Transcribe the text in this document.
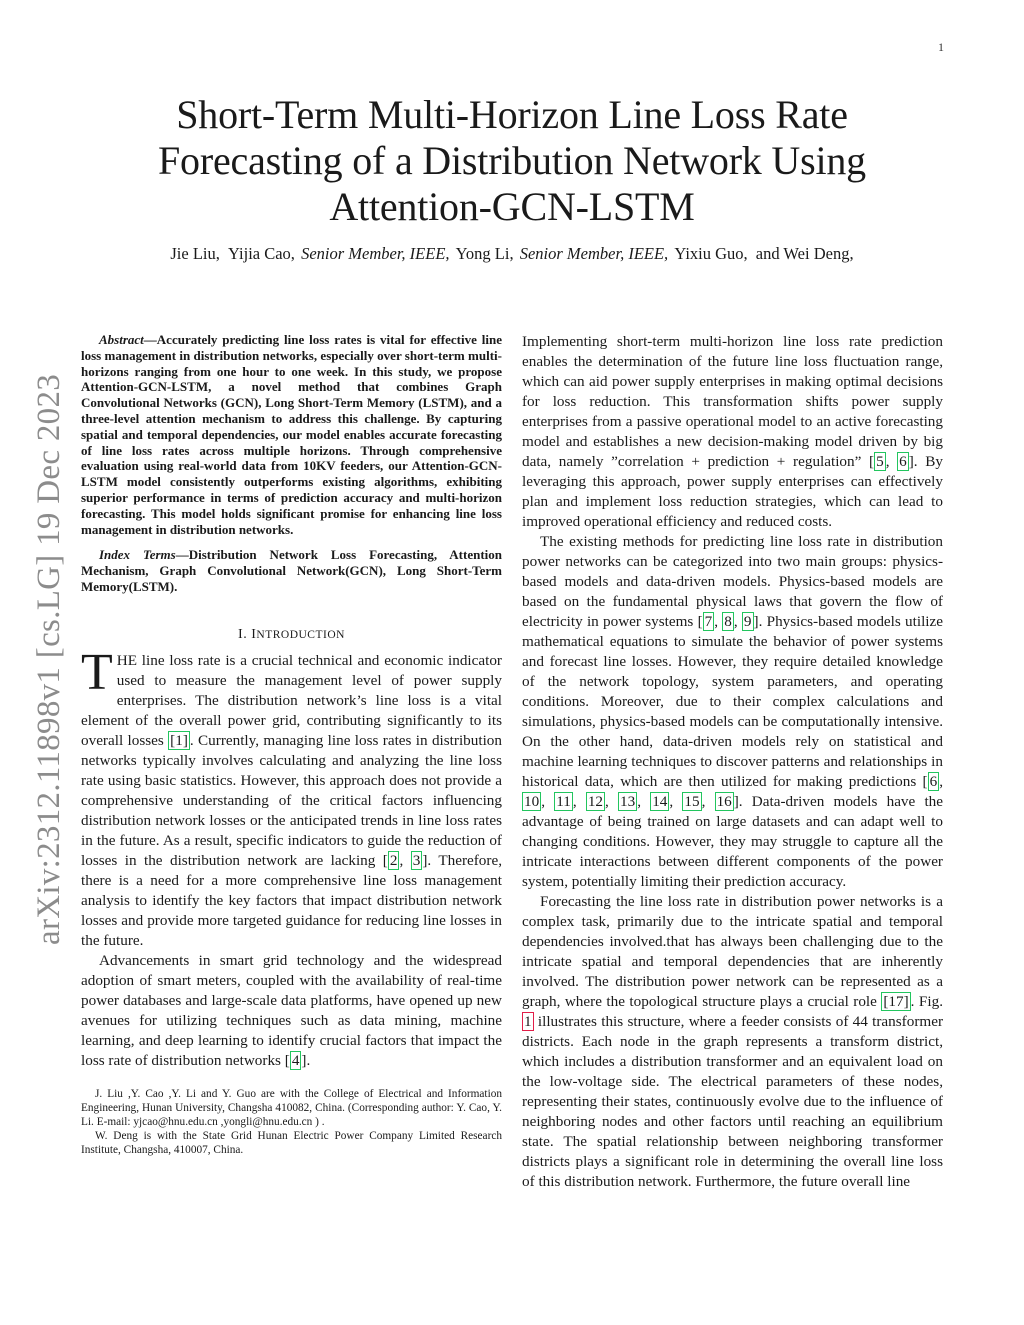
1
Short-Term Multi-Horizon Line Loss Rate
Forecasting of a Distribution Network Using
Attention-GCN-LSTM
Jie Liu, Yijia Cao, Senior Member, IEEE, Yong Li, Senior Member, IEEE, Yixiu Guo, and Wei Deng,
arXiv:2312.11898v1 [cs.LG] 19 Dec 2023

Abstract—Accurately predicting line loss rates is vital for effective line loss management in distribution networks, especially over short-term multi-horizons ranging from one hour to one week. In this study, we propose Attention-GCN-LSTM, a novel method that combines Graph Convolutional Networks (GCN), Long Short-Term Memory (LSTM), and a three-level attention mechanism to address this challenge. By capturing spatial and temporal dependencies, our model enables accurate forecasting of line loss rates across multiple horizons. Through comprehensive evaluation using real-world data from 10KV feeders, our Attention-GCN-LSTM model consistently outperforms existing algorithms, exhibiting superior performance in terms of prediction accuracy and multi-horizon forecasting. This model holds significant promise for enhancing line loss management in distribution networks.

Index Terms—Distribution Network Loss Forecasting, Attention Mechanism, Graph Convolutional Network(GCN), Long Short-Term Memory(LSTM).

I. INTRODUCTION

THE line loss rate is a crucial technical and economic indicator used to measure the management level of power supply enterprises. The distribution network’s line loss is a vital element of the overall power grid, contributing significantly to its overall losses [1] . Currently, managing line loss rates in distribution networks typically involves calculating and analyzing the line loss rate using basic statistics. However, this approach does not provide a comprehensive understanding of the critical factors influencing distribution network losses or the anticipated trends in line loss rates in the future. As a result, specific indicators to guide the reduction of losses in the distribution network are lacking [ 2 , 3 ]. Therefore, there is a need for a more comprehensive line loss management analysis to identify the key factors that impact distribution network losses and provide more targeted guidance for reducing line losses in the future.

Advancements in smart grid technology and the widespread adoption of smart meters, coupled with the availability of real-time power databases and large-scale data platforms, have opened up new avenues for utilizing techniques such as data mining, machine learning, and deep learning to identify crucial factors that impact the loss rate of distribution networks [ 4 ].

J. Liu ,Y. Cao ,Y. Li and Y. Guo are with the College of Electrical and Information Engineering, Hunan University, Changsha 410082, China. (Corresponding author: Y. Cao, Y. Li. E-mail: yjcao@hnu.edu.cn ,yongli@hnu.edu.cn ) .

W. Deng is with the State Grid Hunan Electric Power Company Limited Research Institute, Changsha, 410007, China.

Implementing short-term multi-horizon line loss rate prediction enables the determination of the future line loss fluctuation range, which can aid power supply enterprises in making optimal decisions for loss reduction. This transformation shifts power supply enterprises from a passive operational model to an active forecasting model and establishes a new decision-making model driven by big data, namely ”correlation + prediction + regulation” [ 5 , 6 ]. By leveraging this approach, power supply enterprises can effectively plan and implement loss reduction strategies, which can lead to improved operational efficiency and reduced costs.

The existing methods for predicting line loss rate in distribution power networks can be categorized into two main groups: physics-based models and data-driven models. Physics-based models are based on the fundamental physical laws that govern the flow of electricity in power systems [ 7 , 8 , 9 ]. Physics-based models utilize mathematical equations to simulate the behavior of power systems and forecast line losses. However, they require detailed knowledge of the network topology, system parameters, and operating conditions. Moreover, due to their complex calculations and simulations, physics-based models can be computationally intensive. On the other hand, data-driven models rely on statistical and machine learning techniques to discover patterns and relationships in historical data, which are then utilized for making predictions [ 6 , 10 , 11 , 12 , 13 , 14 , 15 , 16 ]. Data-driven models have the advantage of being trained on large datasets and can adapt well to changing conditions. However, they may struggle to capture all the intricate interactions between different components of the power system, potentially limiting their prediction accuracy.

Forecasting the line loss rate in distribution power networks is a complex task, primarily due to the intricate spatial and temporal dependencies involved.that has always been challenging due to the intricate spatial and temporal dependencies that are inherently involved. The distribution power network can be represented as a graph, where the topological structure plays a crucial role [17] . Fig. 1 illustrates this structure, where a feeder consists of 44 transformer districts. Each node in the graph represents a transform district, which includes a distribution transformer and an equivalent load on the low-voltage side. The electrical parameters of these nodes, representing their states, continuously evolve due to the influence of neighboring nodes and other factors until reaching an equilibrium state. The spatial relationship between neighboring transformer districts plays a significant role in determining the overall line loss of this distribution network. Furthermore, the future overall line
